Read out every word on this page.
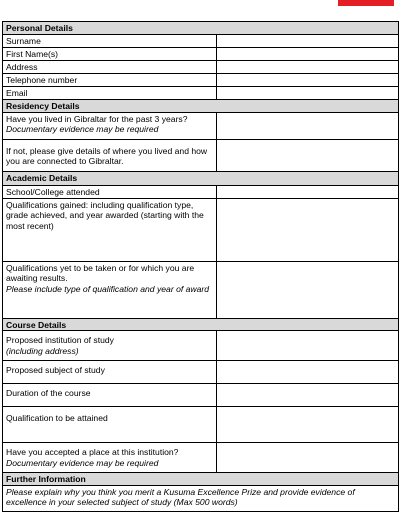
Personal Details	
Surname	
First Name(s)	
Address	
Telephone number	
Email	
Residency Details	

Have you lived in Gibraltar for the past 3 years?
Documentary evidence may be required	

If not, please give details of where you lived and how you are connected to Gibraltar.	
Academic Details	
School/College attended	
Qualifications gained: including qualification type, grade achieved, and year awarded (starting with the most recent)	

Qualifications yet to be taken or for which you are awaiting results.
Please include type of qualification and year of award	

Course Details	

Proposed institution of study
(including address)	

Proposed subject of study	
Duration of the course	
Qualification to be attained	

Have you accepted a place at this institution?
Documentary evidence may be required	

Further Information	

Please explain why you think you merit a Kusuma Excellence Prize and provide evidence of excellence in your selected subject of study (Max 500 words)	
